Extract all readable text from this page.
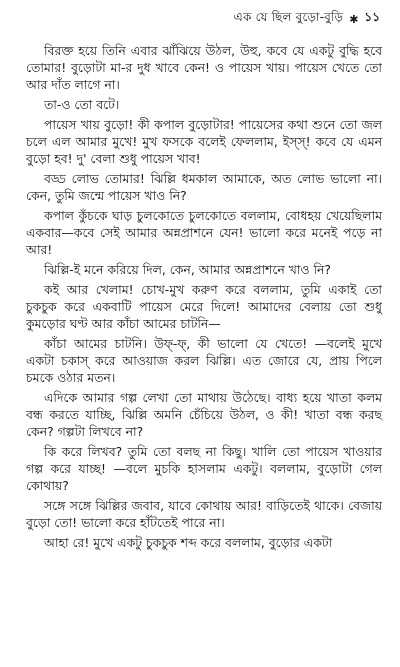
এক যে ছিল বুড়ো-বুড়ি ✱ ১১

বিরক্ত হয়ে তিনি এবার ঝাঁঝিয়ে উঠল, উহু, কবে যে একটু বুদ্ধি হবে তোমার! বুড়োটা মা-র দুধ খাবে কেন! ও পায়েস খায়। পায়েস খেতে তো আর দাঁত লাগে না।

তা-ও তো বটে।

পায়েস খায় বুড়ো! কী কপাল বুড়োটার! পায়েসের কথা শুনে তো জল চলে এল আমার মুখে! মুখ ফসকে বলেই ফেললাম, ইস্‌স্! কবে যে এমন বুড়ো হব! দু' বেলা শুধু পায়েস খাব!

বড্ড লোভ তোমার! ঝিল্লি ধমকাল আমাকে, অত লোভ ভালো না। কেন, তুমি জন্মে পায়েস খাও নি?

কপাল কুঁচকে ঘাড় চুলকোতে চুলকোতে বললাম, বোধহয় খেয়েছিলাম একবার—কবে সেই আমার অন্নপ্রাশনে যেন! ভালো করে মনেই পড়ে না আর!

ঝিল্লি-ই মনে করিয়ে দিল, কেন, আমার অন্নপ্রাশনে খাও নি?

কই আর খেলাম! চোখ-মুখ করুণ করে বললাম, তুমি একাই তো চুকচুক করে একবাটি পায়েস মেরে দিলে! আমাদের বেলায় তো শুধু কুমড়োর ঘণ্ট আর কাঁচা আমের চাটনি—

কাঁচা আমের চাটনি। উফ্‌-ফ্‌, কী ভালো যে খেতে! —বলেই মুখে একটা চকাস্‌ করে আওয়াজ করল ঝিল্লি। এত জোরে যে, প্রায় পিলে চমকে ওঠার মতন।

এদিকে আমার গল্প লেখা তো মাথায় উঠেছে। বাধ্য হয়ে খাতা কলম বন্ধ করতে যাচ্ছি, ঝিল্লি অমনি চেঁচিয়ে উঠল, ও কী! খাতা বন্ধ করছ কেন? গল্পটা লিখবে না?

কি করে লিখব? তুমি তো বলছ না কিছু। খালি তো পায়েস খাওয়ার গল্প করে যাচ্ছ! —বলে মুচকি হাসলাম একটু। বললাম, বুড়োটা গেল কোথায়?

সঙ্গে সঙ্গে ঝিল্লির জবাব, যাবে কোথায় আর! বাড়িতেই থাকে। বেজায় বুড়ো তো! ভালো করে হাঁটতেই পারে না।

আহা রে! মুখে একটু চুকচুক শব্দ করে বললাম, বুড়োর একটা
